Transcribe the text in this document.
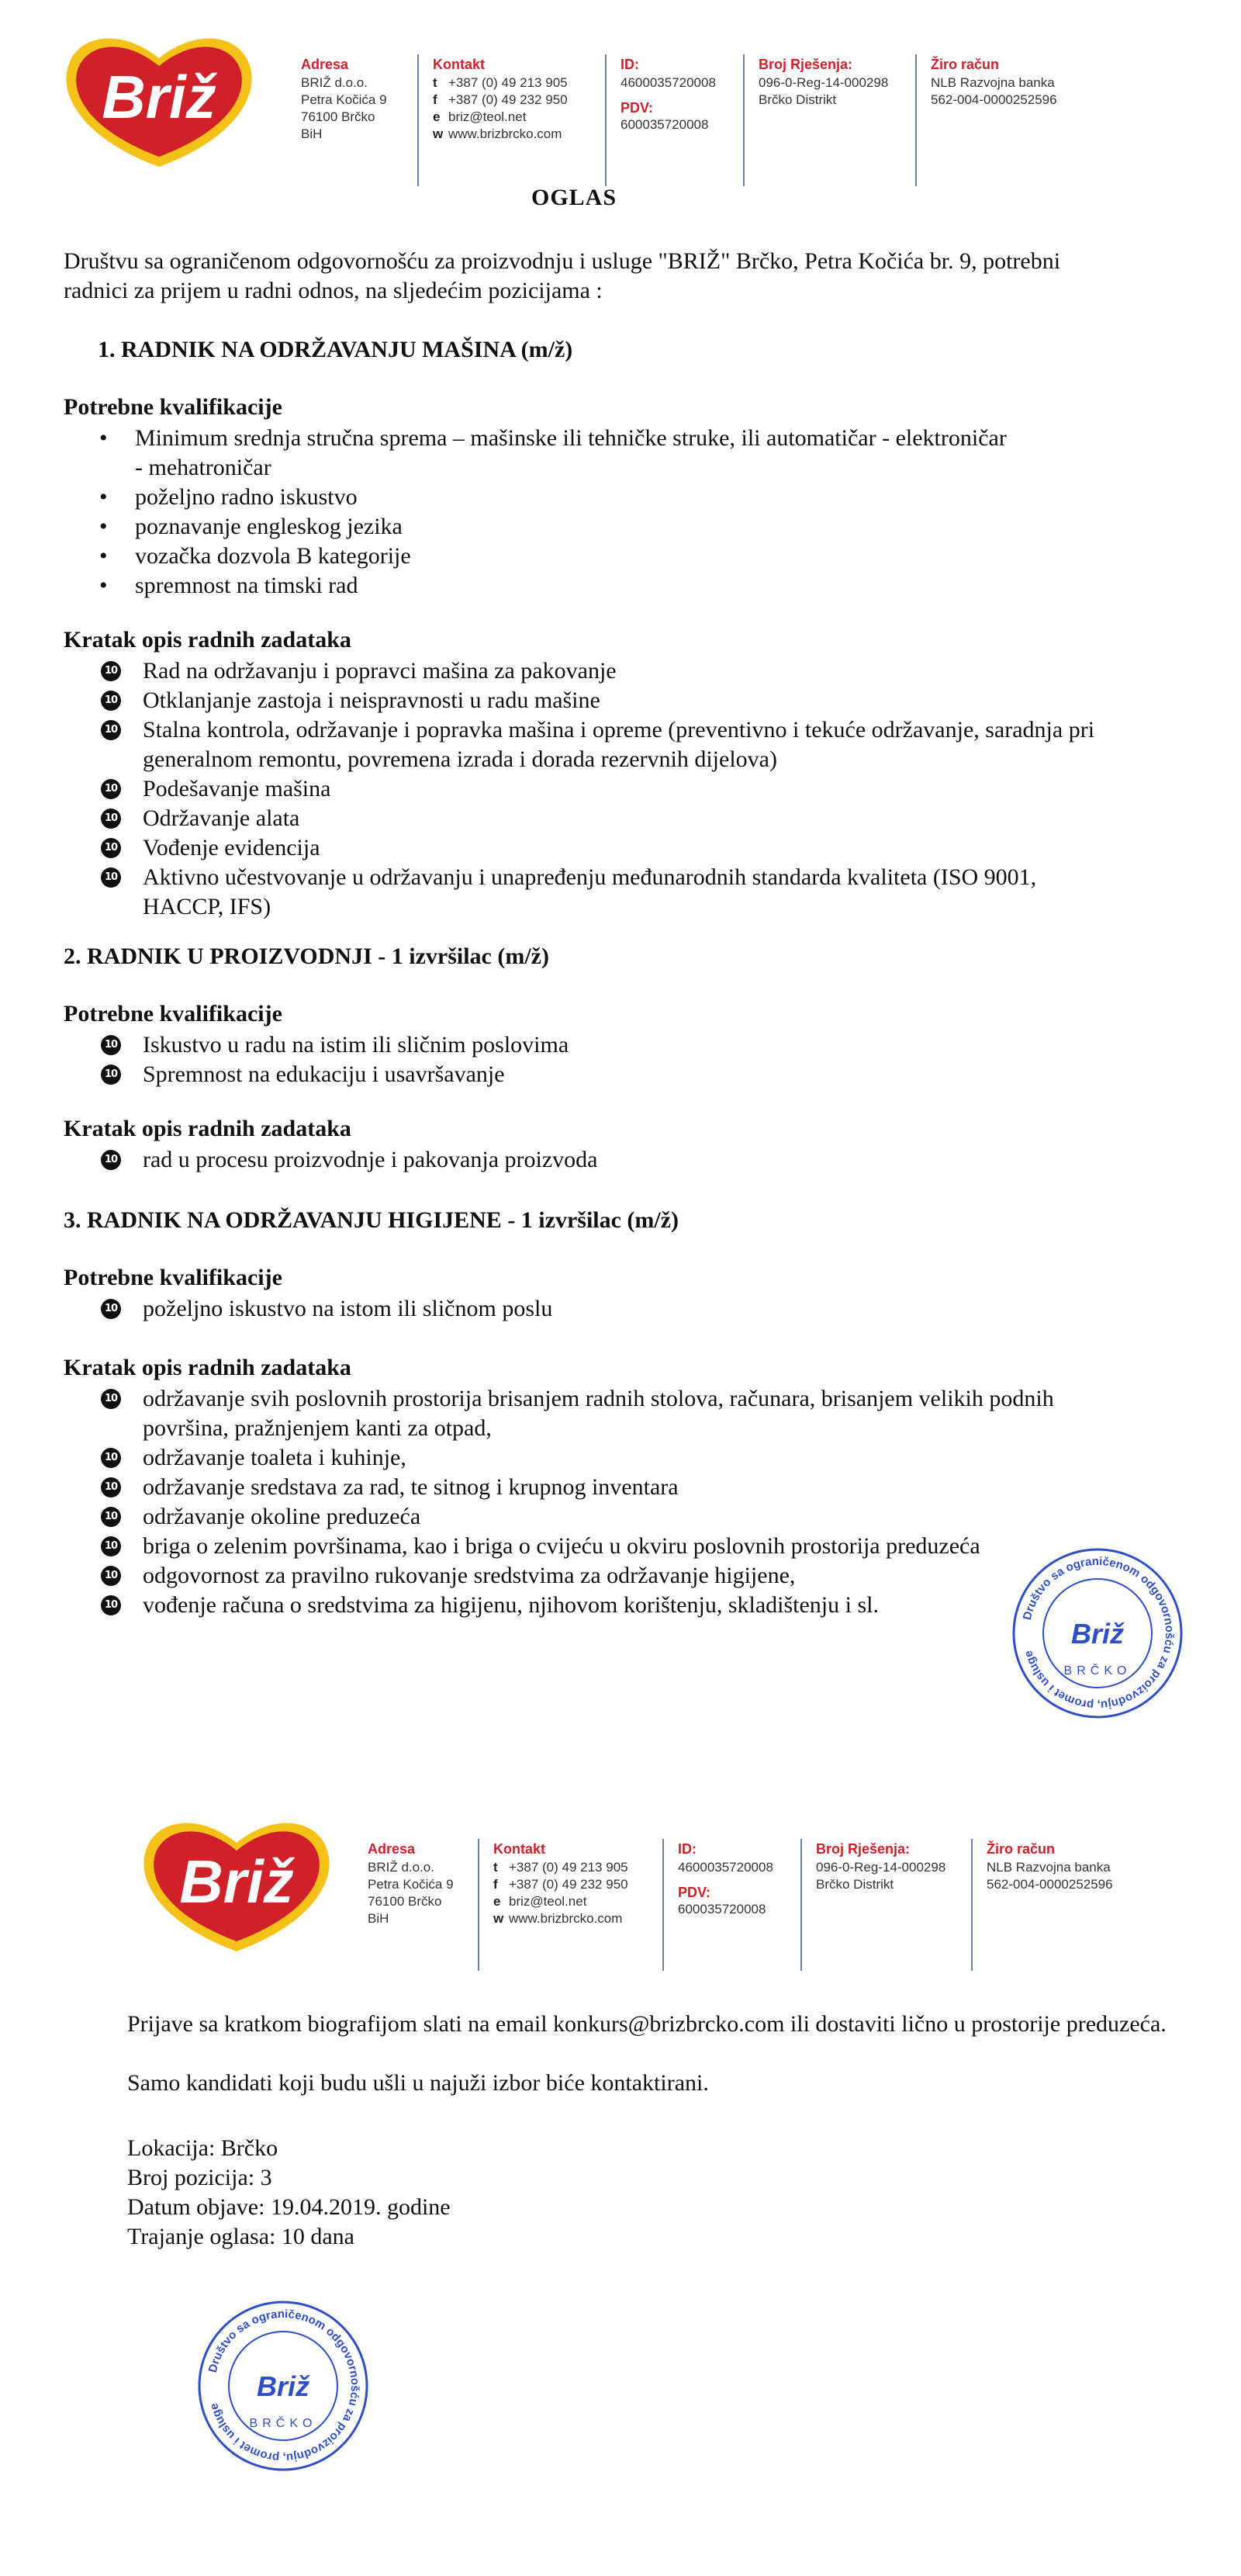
Briž	Adresa
BRIŽ d.o.o.
Petra Kočića 9
76100 Brčko
BiH
Kontakt
t +387 (0) 49 213 905
f +387 (0) 49 232 950
e briz@teol.net
w www.brizbrcko.com
ID:
4600035720008
PDV:
600035720008
Broj Rješenja:
096-0-Reg-14-000298
Brčko Distrikt
Žiro račun
NLB Razvojna banka
562-004-0000252596
OGLAS
Društvu sa ograničenom odgovornošću za proizvodnju i usluge "BRIŽ" Brčko, Petra Kočića br. 9, potrebni radnici za prijem u radni odnos, na sljedećim pozicijama :
1. RADNIK NA ODRŽAVANJU MAŠINA (m/ž)
Potrebne kvalifikacije
• Minimum srednja stručna sprema – mašinske ili tehničke struke, ili automatičar - elektroničar - mehatroničar
• poželjno radno iskustvo
• poznavanje engleskog jezika
• vozačka dozvola B kategorije
• spremnost na timski rad
Kratak opis radnih zadataka
10 Rad na održavanju i popravci mašina za pakovanje
10 Otklanjanje zastoja i neispravnosti u radu mašine
10 Stalna kontrola, održavanje i popravka mašina i opreme (preventivno i tekuće održavanje, saradnja pri generalnom remontu, povremena izrada i dorada rezervnih dijelova)
10 Podešavanje mašina
10 Održavanje alata
10 Vođenje evidencija
10 Aktivno učestvovanje u održavanju i unapređenju međunarodnih standarda kvaliteta (ISO 9001, HACCP, IFS)
2. RADNIK U PROIZVODNJI - 1 izvršilac (m/ž)
Potrebne kvalifikacije
10 Iskustvo u radu na istim ili sličnim poslovima
10 Spremnost na edukaciju i usavršavanje
Kratak opis radnih zadataka
10 rad u procesu proizvodnje i pakovanja proizvoda
3. RADNIK NA ODRŽAVANJU HIGIJENE - 1 izvršilac (m/ž)
Potrebne kvalifikacije
10 poželjno iskustvo na istom ili sličnom poslu
Kratak opis radnih zadataka
10 održavanje svih poslovnih prostorija brisanjem radnih stolova, računara, brisanjem velikih podnih površina, pražnjenjem kanti za otpad,
10 održavanje toaleta i kuhinje,
10 održavanje sredstava za rad, te sitnog i krupnog inventara
10 održavanje okoline preduzeća
10 briga o zelenim površinama, kao i briga o cvijeću u okviru poslovnih prostorija preduzeća
10 odgovornost za pravilno rukovanje sredstvima za održavanje higijene,
10 vođenje računa o sredstvima za higijenu, njihovom korištenju, skladištenju i sl.	Društvo sa ograničenom odgovornošću za proizvodnju, promet i usluge
Briž
BRČKO
Briž	Adresa
BRIŽ d.o.o.
Petra Kočića 9
76100 Brčko
BiH
Kontakt
t +387 (0) 49 213 905
f +387 (0) 49 232 950
e briz@teol.net
w www.brizbrcko.com
ID:
4600035720008
PDV:
600035720008
Broj Rješenja:
096-0-Reg-14-000298
Brčko Distrikt
Žiro račun
NLB Razvojna banka
562-004-0000252596
Prijave sa kratkom biografijom slati na email konkurs@brizbrcko.com ili dostaviti lično u prostorije preduzeća.
Samo kandidati koji budu ušli u najuži izbor biće kontaktirani.
Lokacija: Brčko
Broj pozicija: 3
Datum objave: 19.04.2019. godine
Trajanje oglasa: 10 dana
Društvo sa ograničenom odgovornošću za proizvodnju, promet i usluge
Briž
BRČKO
